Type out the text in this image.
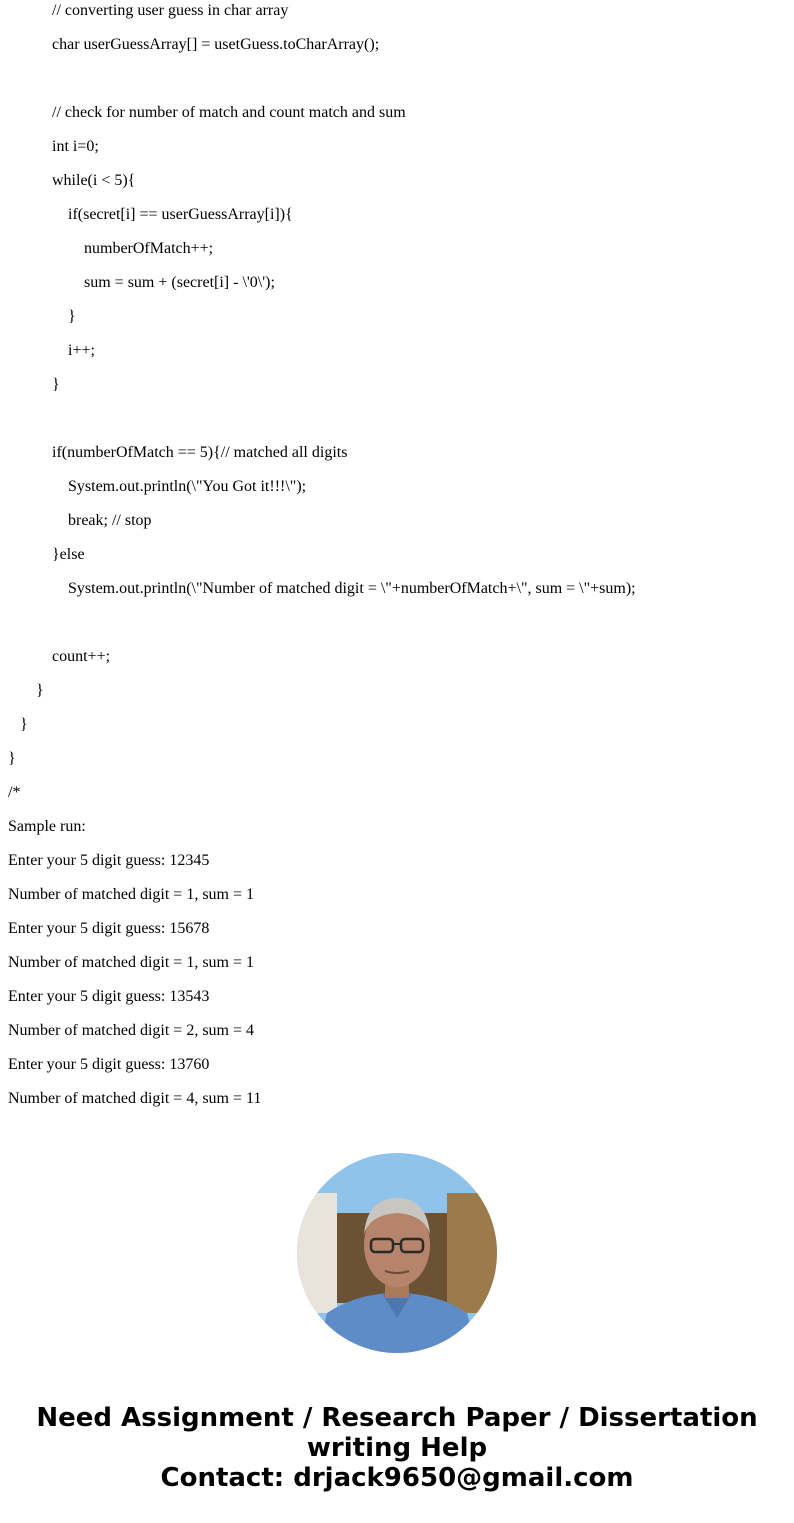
// converting user guess in char array
char userGuessArray[] = usetGuess.toCharArray();
// check for number of match and count match and sum
int i=0;
while(i < 5){
if(secret[i] == userGuessArray[i]){
numberOfMatch++;
sum = sum + (secret[i] - \'0\');
}
i++;
}
if(numberOfMatch == 5){// matched all digits
System.out.println(\"You Got it!!!\");
break; // stop
}else
System.out.println(\"Number of matched digit = \"+numberOfMatch+\", sum = \"+sum);
count++;
}
}
}
/*
Sample run:
Enter your 5 digit guess: 12345
Number of matched digit = 1, sum = 1
Enter your 5 digit guess: 15678
Number of matched digit = 1, sum = 1
Enter your 5 digit guess: 13543
Number of matched digit = 2, sum = 4
Enter your 5 digit guess: 13760
Number of matched digit = 4, sum = 11
Need Assignment / Research Paper / Dissertation
writing Help
Contact: drjack9650@gmail.com
